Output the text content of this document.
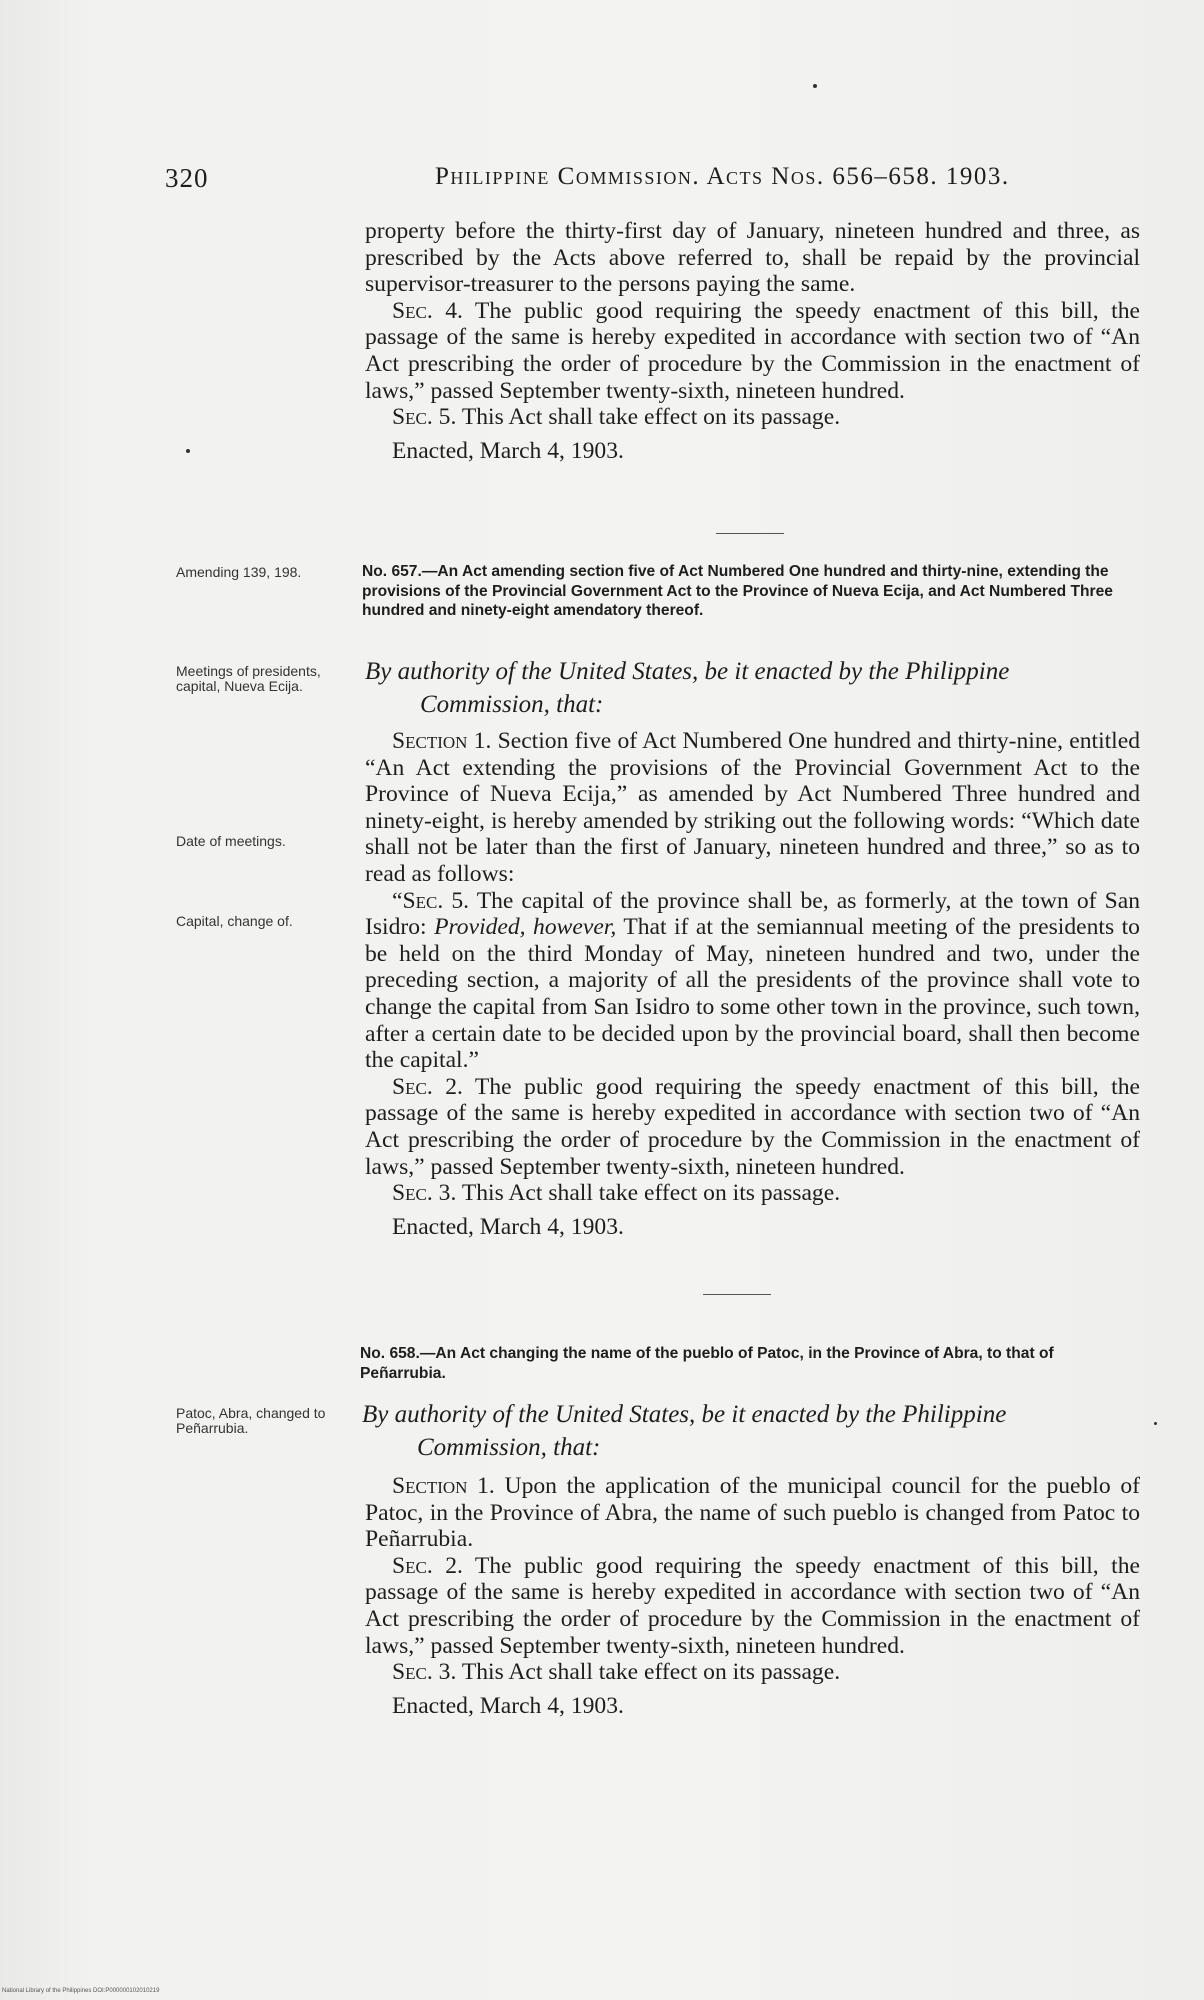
320	Philippine Commission. Acts Nos. 656–658. 1903.

property before the thirty-first day of January, nineteen hundred and three, as prescribed by the Acts above referred to, shall be repaid by the provincial supervisor-treasurer to the persons paying the same.

Sec. 4. The public good requiring the speedy enactment of this bill, the passage of the same is hereby expedited in accordance with section two of “An Act prescribing the order of procedure by the Commission in the enactment of laws,” passed September twenty-sixth, nineteen hundred.

Sec. 5. This Act shall take effect on its passage.

Enacted, March 4, 1903.

Amending 139, 198.	No. 657.—An Act amending section five of Act Numbered One hundred and thirty-nine, extending the provisions of the Provincial Government Act to the Province of Nueva Ecija, and Act Numbered Three hundred and ninety-eight amendatory thereof.
Meetings of presidents, capital, Nueva Ecija.
By authority of the United States, be it enacted by the Philippine
Commission, that:
Date of meetings.
Capital, change of.

Section 1. Section five of Act Numbered One hundred and thirty-nine, entitled “An Act extending the provisions of the Provincial Government Act to the Province of Nueva Ecija,” as amended by Act Numbered Three hundred and ninety-eight, is hereby amended by striking out the following words: “Which date shall not be later than the first of January, nineteen hundred and three,” so as to read as follows:

“Sec. 5. The capital of the province shall be, as formerly, at the town of San Isidro: Provided, however, That if at the semiannual meeting of the presidents to be held on the third Monday of May, nineteen hundred and two, under the preceding section, a majority of all the presidents of the province shall vote to change the capital from San Isidro to some other town in the province, such town, after a certain date to be decided upon by the provincial board, shall then become the capital.”

Sec. 2. The public good requiring the speedy enactment of this bill, the passage of the same is hereby expedited in accordance with section two of “An Act prescribing the order of procedure by the Commission in the enactment of laws,” passed September twenty-sixth, nineteen hundred.

Sec. 3. This Act shall take effect on its passage.

Enacted, March 4, 1903.

No. 658.—An Act changing the name of the pueblo of Patoc, in the Province of Abra, to that of Peñarrubia.
Patoc, Abra, changed to Peñarrubia.	By authority of the United States, be it enacted by the Philippine
Commission, that:

Section 1. Upon the application of the municipal council for the pueblo of Patoc, in the Province of Abra, the name of such pueblo is changed from Patoc to Peñarrubia.

Sec. 2. The public good requiring the speedy enactment of this bill, the passage of the same is hereby expedited in accordance with section two of “An Act prescribing the order of procedure by the Commission in the enactment of laws,” passed September twenty-sixth, nineteen hundred.

Sec. 3. This Act shall take effect on its passage.

Enacted, March 4, 1903.

National Library of the Philippines DOI:P000000102010219
